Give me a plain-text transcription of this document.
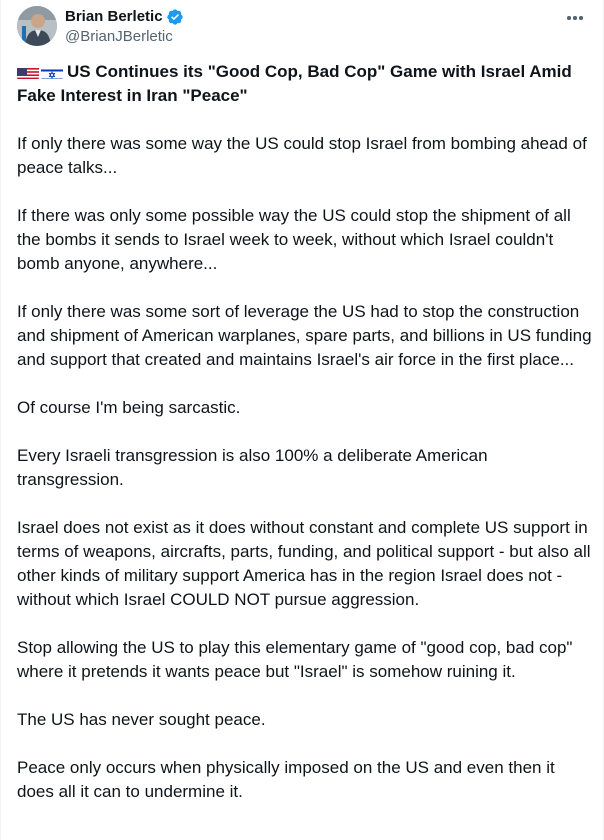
Brian Berletic
@BrianJBerletic
US Continues its "Good Cop, Bad Cop" Game with Israel Amid Fake Interest in Iran "Peace"

If only there was some way the US could stop Israel from bombing ahead of peace talks...

If there was only some possible way the US could stop the shipment of all the bombs it sends to Israel week to week, without which Israel couldn't bomb anyone, anywhere...

If only there was some sort of leverage the US had to stop the construction and shipment of American warplanes, spare parts, and billions in US funding and support that created and maintains Israel's air force in the first place...

Of course I'm being sarcastic.

Every Israeli transgression is also 100% a deliberate American transgression.

Israel does not exist as it does without constant and complete US support in terms of weapons, aircrafts, parts, funding, and political support - but also all other kinds of military support America has in the region Israel does not - without which Israel COULD NOT pursue aggression.

Stop allowing the US to play this elementary game of "good cop, bad cop" where it pretends it wants peace but "Israel" is somehow ruining it.

The US has never sought peace.

Peace only occurs when physically imposed on the US and even then it does all it can to undermine it.
